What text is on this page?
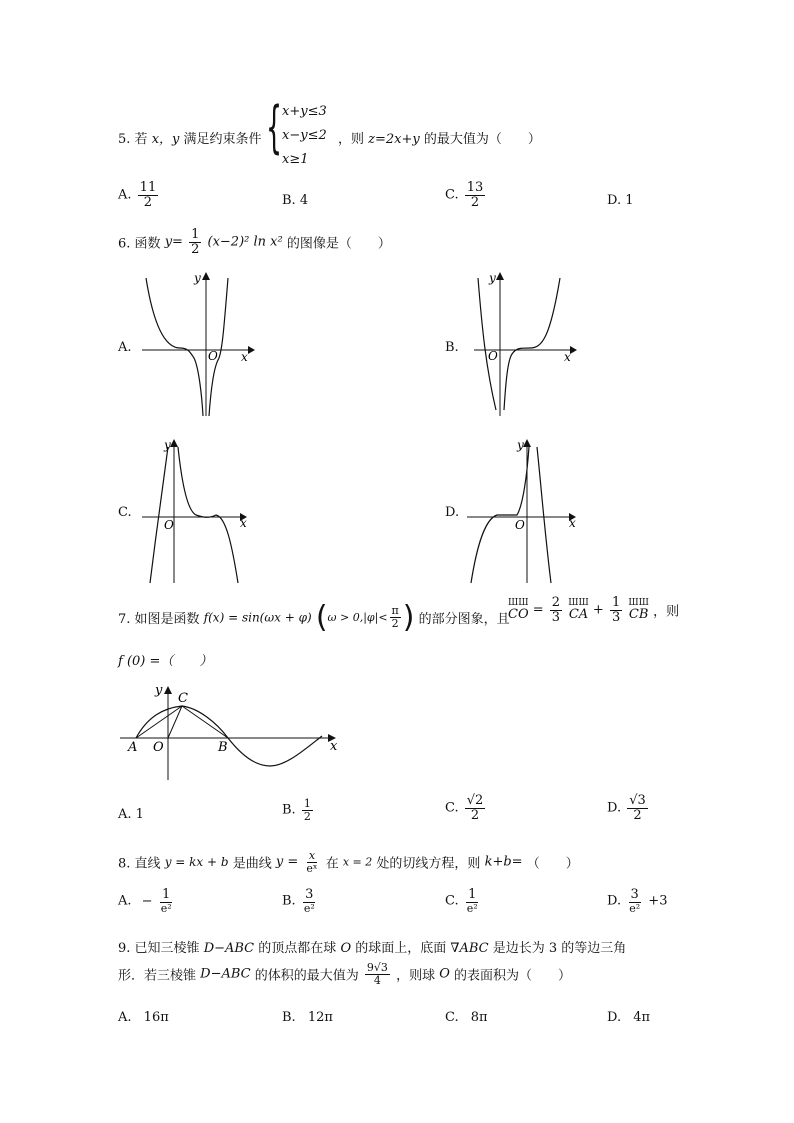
5. 若 x，y 满足约束条件 { x+y≤3
x−y≤2
x≥1
，则 z=2x+y 的最大值为（　　）
A. $\frac{11}{2}$	B. 4	C. $\frac{13}{2}$	D. 1
6. 函数 $y= \frac{1}{2} (x-2)^2$ ln x² 的图像是（　　）
A.	B.
C.	D.
x
y
O	x
y
O
x
y
O	x
y
O
7. 如图是函数 f(x) = sin(ωx + φ) ($\omega > 0,|\varphi|< \frac{\pi}{2}$ ) 的部分图象，且
ШШ
CO = $\frac{2}{3}$
ШШ
CA + $\frac{1}{3}$
ШШ
CB ，则
f (0) =（　　）
A O	B
C
x
y
A. 1	B. $\frac{1}{2}$	C. $\frac{√2}{2}$	D. $\frac{√3}{2}$
8. 直线 y = kx + b 是曲线 $y = \frac{x}{\text{eˣ}}$ 在 x = 2 处的切线方程，则 k+b= （　　）
A. − $\frac{1}{\text{e²}}$	B. $\frac{3}{\text{e²}}$	C. $\frac{1}{\text{e²}}$	D. $\frac{3}{\text{e²}} +3$
9. 已知三棱锥 D−ABC 的顶点都在球 O 的球面上，底面 ∇ABC 是边长为 3 的等边三角
形．若三棱锥 D−ABC 的体积的最大值为 $\frac{9√3}{4}$ ，则球 O 的表面积为（　　）
A. 16π	B. 12π	C. 8π	D. 4π
